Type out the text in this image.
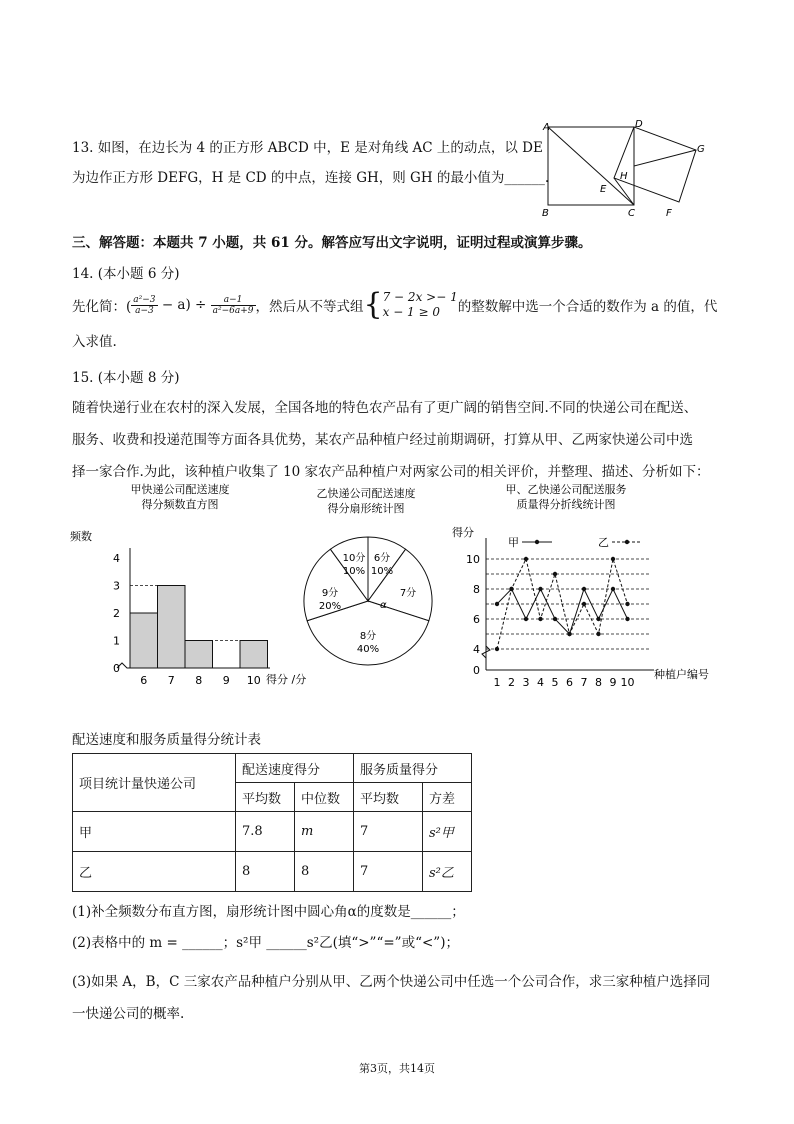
13. 如图，在边长为 4 的正方形 ABCD 中，E 是对角线 AC 上的动点，以 DE
为边作正方形 DEFG，H 是 CD 的中点，连接 GH，则 GH 的最小值为______.
A	D
G
H
E
B	C	F
三、解答题：本题共 7 小题，共 61 分。解答应写出文字说明，证明过程或演算步骤。
14. (本小题 6 分)
先化简：( $\frac{\text{a²−3}}{a-3} - a) \div \frac{a-1}{\text{a²−6a+9}}$ ，然后从不等式组 { 7 − 2x >− 1
x − 1 ≥ 0	的整数解中选一个合适的数作为 a 的值，代
入求值.
15. (本小题 8 分)
随着快递行业在农村的深入发展，全国各地的特色农产品有了更广阔的销售空间.不同的快递公司在配送、
服务、收费和投递范围等方面各具优势，某农产品种植户经过前期调研，打算从甲、乙两家快递公司中选
择一家合作.为此，该种植户收集了 10 家农产品种植户对两家公司的相关评价，并整理、描述、分析如下：
甲快递公司配送速度
得分频数直方图
频数
得分 /分
0
1
2
3
4
6 7 8 9 10
乙快递公司配送速度
得分扇形统计图
6分
10%
7分
8分
40%
9分
20%
10分
10%
α
甲、乙快递公司配送服务
质量得分折线统计图
得分
种植户编号
甲	乙
0
4
6
8
10
1 2 3 4 5 6 7 8 9 10
配送速度和服务质量得分统计表
项目统计量快递公司	配送速度得分		服务质量得分	
	平均数	中位数	平均数	方差
甲	7.8	m	7	s²甲
乙	8	8	7	s²乙
(1)补全频数分布直方图，扇形统计图中圆心角α的度数是______；
(2)表格中的 m = ______；s²甲 ______s²乙(填“>”“=”或“<”)；
(3)如果 A，B，C 三家农产品种植户分别从甲、乙两个快递公司中任选一个公司合作，求三家种植户选择同
一快递公司的概率.
第3页，共14页
